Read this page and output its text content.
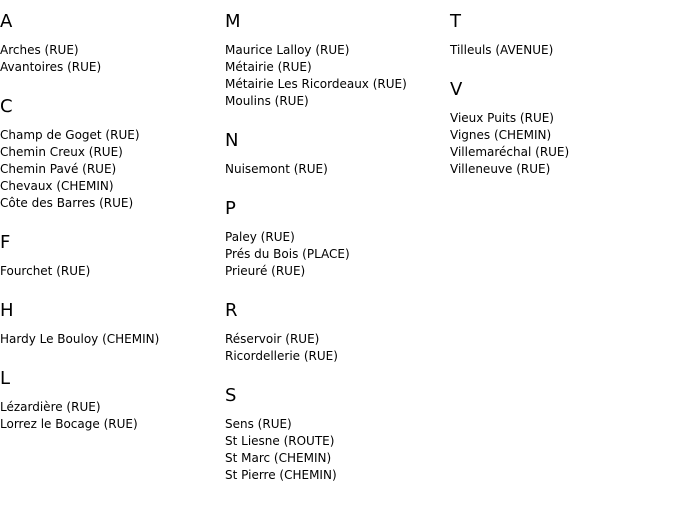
A
Arches (RUE)
Avantoires (RUE)
C
Champ de Goget (RUE)
Chemin Creux (RUE)
Chemin Pavé (RUE)
Chevaux (CHEMIN)
Côte des Barres (RUE)
F
Fourchet (RUE)
H
Hardy Le Bouloy (CHEMIN)
L
Lézardière (RUE)
Lorrez le Bocage (RUE)
M
Maurice Lalloy (RUE)
Métairie (RUE)
Métairie Les Ricordeaux (RUE)
Moulins (RUE)
N
Nuisemont (RUE)
P
Paley (RUE)
Prés du Bois (PLACE)
Prieuré (RUE)
R
Réservoir (RUE)
Ricordellerie (RUE)
S
Sens (RUE)
St Liesne (ROUTE)
St Marc (CHEMIN)
St Pierre (CHEMIN)
T
Tilleuls (AVENUE)
V
Vieux Puits (RUE)
Vignes (CHEMIN)
Villemaréchal (RUE)
Villeneuve (RUE)
